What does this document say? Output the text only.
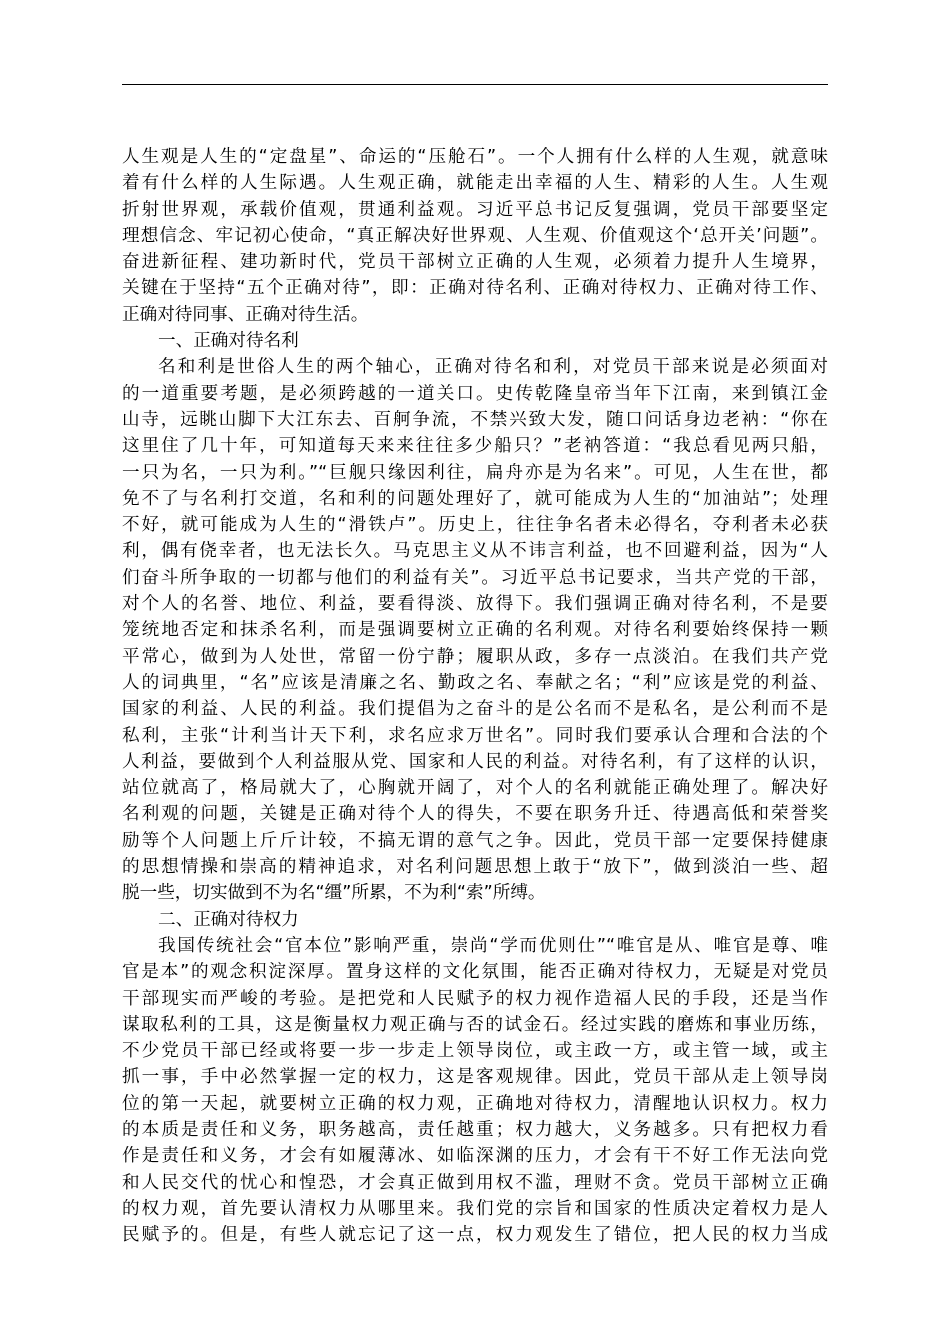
人生观是人生的“定盘星”、命运的“压舱石”。一个人拥有什么样的人生观，就意味
着有什么样的人生际遇。人生观正确，就能走出幸福的人生、精彩的人生。人生观
折射世界观，承载价值观，贯通利益观。习近平总书记反复强调，党员干部要坚定
理想信念、牢记初心使命，“真正解决好世界观、人生观、价值观这个‘总开关’问题”。
奋进新征程、建功新时代，党员干部树立正确的人生观，必须着力提升人生境界，
关键在于坚持“五个正确对待”，即：正确对待名利、正确对待权力、正确对待工作、
正确对待同事、正确对待生活。
一、正确对待名利
名和利是世俗人生的两个轴心，正确对待名和利，对党员干部来说是必须面对
的一道重要考题，是必须跨越的一道关口。史传乾隆皇帝当年下江南，来到镇江金
山寺，远眺山脚下大江东去、百舸争流，不禁兴致大发，随口问话身边老衲：“你在
这里住了几十年，可知道每天来来往往多少船只？”老衲答道：“我总看见两只船，
一只为名，一只为利。”“巨舰只缘因利往，扁舟亦是为名来”。可见，人生在世，都
免不了与名利打交道，名和利的问题处理好了，就可能成为人生的“加油站”；处理
不好，就可能成为人生的“滑铁卢”。历史上，往往争名者未必得名，夺利者未必获
利，偶有侥幸者，也无法长久。马克思主义从不讳言利益，也不回避利益，因为“人
们奋斗所争取的一切都与他们的利益有关”。习近平总书记要求，当共产党的干部，
对个人的名誉、地位、利益，要看得淡、放得下。我们强调正确对待名利，不是要
笼统地否定和抹杀名利，而是强调要树立正确的名利观。对待名利要始终保持一颗
平常心，做到为人处世，常留一份宁静；履职从政，多存一点淡泊。在我们共产党
人的词典里，“名”应该是清廉之名、勤政之名、奉献之名；“利”应该是党的利益、
国家的利益、人民的利益。我们提倡为之奋斗的是公名而不是私名，是公利而不是
私利，主张“计利当计天下利，求名应求万世名”。同时我们要承认合理和合法的个
人利益，要做到个人利益服从党、国家和人民的利益。对待名利，有了这样的认识，
站位就高了，格局就大了，心胸就开阔了，对个人的名利就能正确处理了。解决好
名利观的问题，关键是正确对待个人的得失，不要在职务升迁、待遇高低和荣誉奖
励等个人问题上斤斤计较，不搞无谓的意气之争。因此，党员干部一定要保持健康
的思想情操和崇高的精神追求，对名利问题思想上敢于“放下”，做到淡泊一些、超
脱一些，切实做到不为名“缰”所累，不为利“索”所缚。
二、正确对待权力
我国传统社会“官本位”影响严重，崇尚“学而优则仕”“唯官是从、唯官是尊、唯
官是本”的观念积淀深厚。置身这样的文化氛围，能否正确对待权力，无疑是对党员
干部现实而严峻的考验。是把党和人民赋予的权力视作造福人民的手段，还是当作
谋取私利的工具，这是衡量权力观正确与否的试金石。经过实践的磨炼和事业历练，
不少党员干部已经或将要一步一步走上领导岗位，或主政一方，或主管一域，或主
抓一事，手中必然掌握一定的权力，这是客观规律。因此，党员干部从走上领导岗
位的第一天起，就要树立正确的权力观，正确地对待权力，清醒地认识权力。权力
的本质是责任和义务，职务越高，责任越重；权力越大，义务越多。只有把权力看
作是责任和义务，才会有如履薄冰、如临深渊的压力，才会有干不好工作无法向党
和人民交代的忧心和惶恐，才会真正做到用权不滥，理财不贪。党员干部树立正确
的权力观，首先要认清权力从哪里来。我们党的宗旨和国家的性质决定着权力是人
民赋予的。但是，有些人就忘记了这一点，权力观发生了错位，把人民的权力当成
